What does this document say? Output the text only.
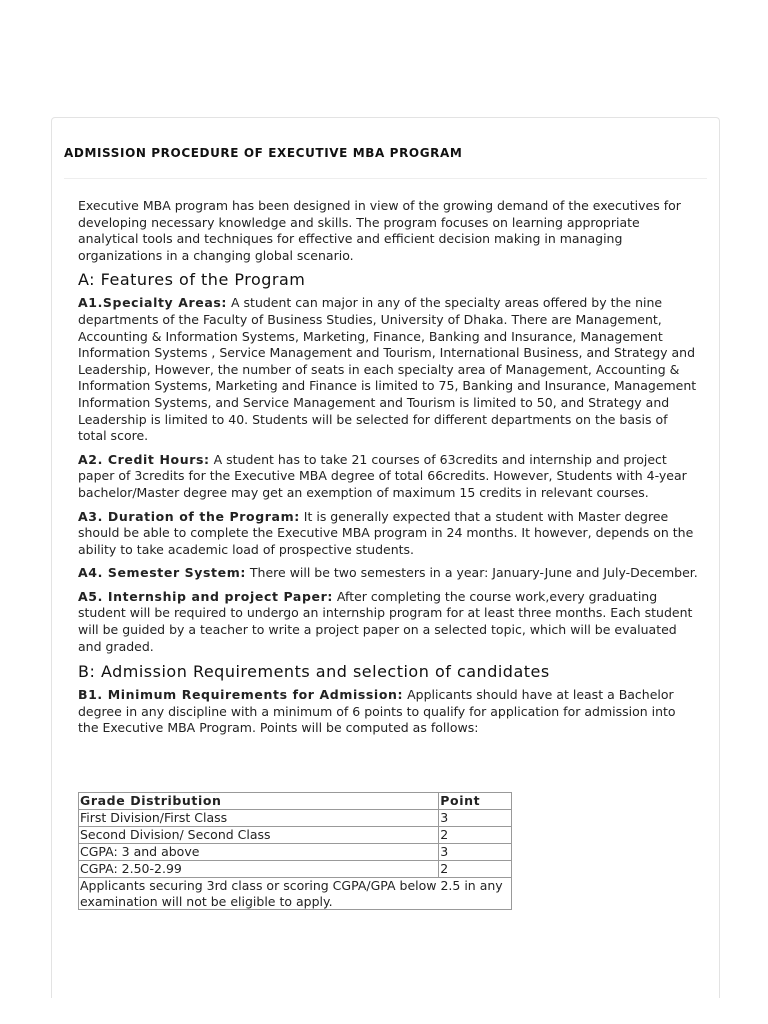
ADMISSION PROCEDURE OF EXECUTIVE MBA PROGRAM

Executive MBA program has been designed in view of the growing demand of the executives for developing necessary knowledge and skills. The program focuses on learning appropriate analytical tools and techniques for effective and efficient decision making in managing organizations in a changing global scenario.

A: Features of the Program

A1.Specialty Areas: A student can major in any of the specialty areas offered by the nine departments of the Faculty of Business Studies, University of Dhaka. There are Management, Accounting & Information Systems, Marketing, Finance, Banking and Insurance, Management Information Systems , Service Management and Tourism, International Business, and Strategy and Leadership, However, the number of seats in each specialty area of Management, Accounting & Information Systems, Marketing and Finance is limited to 75, Banking and Insurance, Management Information Systems, and Service Management and Tourism is limited to 50, and Strategy and Leadership is limited to 40. Students will be selected for different departments on the basis of total score.

A2. Credit Hours: A student has to take 21 courses of 63credits and internship and project paper of 3credits for the Executive MBA degree of total 66credits. However, Students with 4-year bachelor/Master degree may get an exemption of maximum 15 credits in relevant courses.

A3. Duration of the Program: It is generally expected that a student with Master degree should be able to complete the Executive MBA program in 24 months. It however, depends on the ability to take academic load of prospective students.

A4. Semester System: There will be two semesters in a year: January-June and July-December.

A5. Internship and project Paper: After completing the course work,every graduating student will be required to undergo an internship program for at least three months. Each student will be guided by a teacher to write a project paper on a selected topic, which will be evaluated and graded.

B: Admission Requirements and selection of candidates

B1. Minimum Requirements for Admission: Applicants should have at least a Bachelor degree in any discipline with a minimum of 6 points to qualify for application for admission into the Executive MBA Program. Points will be computed as follows:

Grade Distribution	Point
First Division/First Class	3
Second Division/ Second Class	2
CGPA: 3 and above	3
CGPA: 2.50-2.99	2
Applicants securing 3rd class or scoring CGPA/GPA below 2.5 in any examination will not be eligible to apply.	
